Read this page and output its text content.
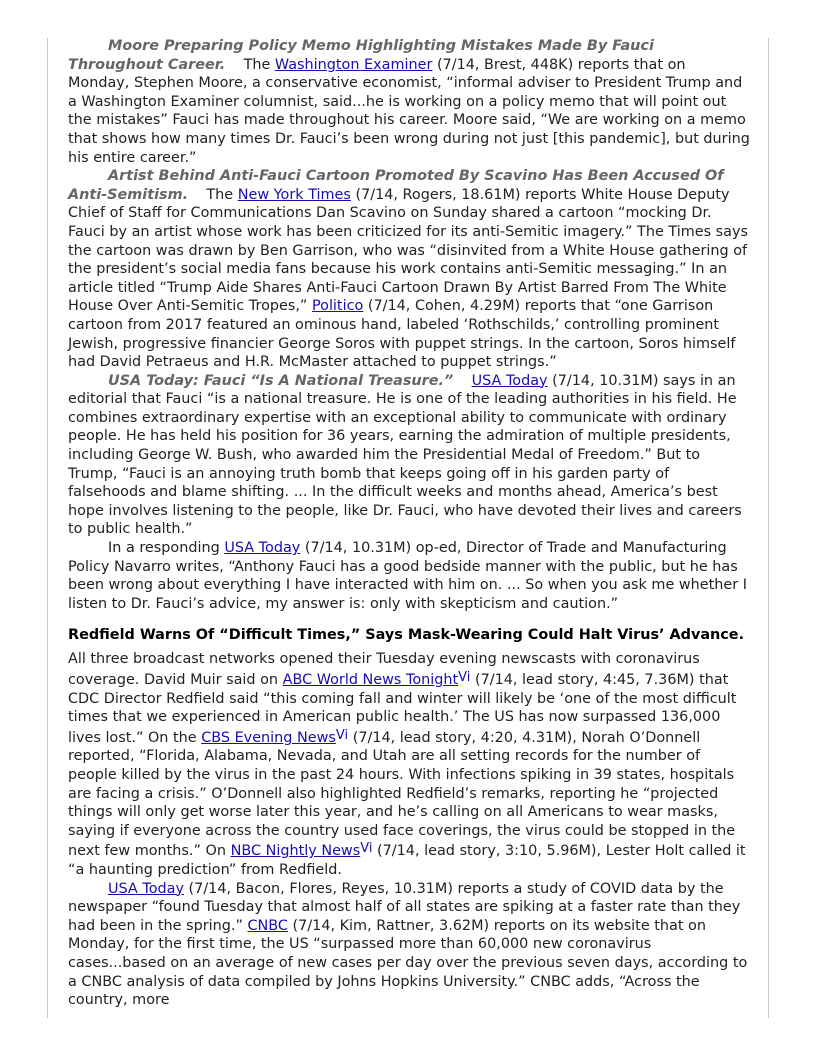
Moore Preparing Policy Memo Highlighting Mistakes Made By Fauci Throughout Career. The Washington Examiner (7/14, Brest, 448K) reports that on Monday, Stephen Moore, a conservative economist, “informal adviser to President Trump and a Washington Examiner columnist, said...he is working on a policy memo that will point out the mistakes” Fauci has made throughout his career. Moore said, “We are working on a memo that shows how many times Dr. Fauci’s been wrong during not just [this pandemic], but during his entire career.”

Artist Behind Anti-Fauci Cartoon Promoted By Scavino Has Been Accused Of Anti-Semitism. The New York Times (7/14, Rogers, 18.61M) reports White House Deputy Chief of Staff for Communications Dan Scavino on Sunday shared a cartoon “mocking Dr. Fauci by an artist whose work has been criticized for its anti-Semitic imagery.” The Times says the cartoon was drawn by Ben Garrison, who was “disinvited from a White House gathering of the president’s social media fans because his work contains anti-Semitic messaging.” In an article titled “Trump Aide Shares Anti-Fauci Cartoon Drawn By Artist Barred From The White House Over Anti-Semitic Tropes,” Politico (7/14, Cohen, 4.29M) reports that “one Garrison cartoon from 2017 featured an ominous hand, labeled ‘Rothschilds,’ controlling prominent Jewish, progressive financier George Soros with puppet strings. In the cartoon, Soros himself had David Petraeus and H.R. McMaster attached to puppet strings.”

USA Today: Fauci “Is A National Treasure.” USA Today (7/14, 10.31M) says in an editorial that Fauci “is a national treasure. He is one of the leading authorities in his field. He combines extraordinary expertise with an exceptional ability to communicate with ordinary people. He has held his position for 36 years, earning the admiration of multiple presidents, including George W. Bush, who awarded him the Presidential Medal of Freedom.” But to Trump, “Fauci is an annoying truth bomb that keeps going off in his garden party of falsehoods and blame shifting. ... In the difficult weeks and months ahead, America’s best hope involves listening to the people, like Dr. Fauci, who have devoted their lives and careers to public health.”

In a responding USA Today (7/14, 10.31M) op-ed, Director of Trade and Manufacturing Policy Navarro writes, “Anthony Fauci has a good bedside manner with the public, but he has been wrong about everything I have interacted with him on. ... So when you ask me whether I listen to Dr. Fauci’s advice, my answer is: only with skepticism and caution.”

Redfield Warns Of “Difficult Times,” Says Mask-Wearing Could Halt Virus’ Advance.

All three broadcast networks opened their Tuesday evening newscasts with coronavirus coverage. David Muir said on ABC World News TonightVi (7/14, lead story, 4:45, 7.36M) that CDC Director Redfield said “this coming fall and winter will likely be ‘one of the most difficult times that we experienced in American public health.’ The US has now surpassed 136,000 lives lost.” On the CBS Evening NewsVi (7/14, lead story, 4:20, 4.31M), Norah O’Donnell reported, “Florida, Alabama, Nevada, and Utah are all setting records for the number of people killed by the virus in the past 24 hours. With infections spiking in 39 states, hospitals are facing a crisis.” O’Donnell also highlighted Redfield’s remarks, reporting he “projected things will only get worse later this year, and he’s calling on all Americans to wear masks, saying if everyone across the country used face coverings, the virus could be stopped in the next few months.” On NBC Nightly NewsVi (7/14, lead story, 3:10, 5.96M), Lester Holt called it “a haunting prediction” from Redfield.

USA Today (7/14, Bacon, Flores, Reyes, 10.31M) reports a study of COVID data by the newspaper “found Tuesday that almost half of all states are spiking at a faster rate than they had been in the spring.” CNBC (7/14, Kim, Rattner, 3.62M) reports on its website that on Monday, for the first time, the US “surpassed more than 60,000 new coronavirus cases...based on an average of new cases per day over the previous seven days, according to a CNBC analysis of data compiled by Johns Hopkins University.” CNBC adds, “Across the country, more
